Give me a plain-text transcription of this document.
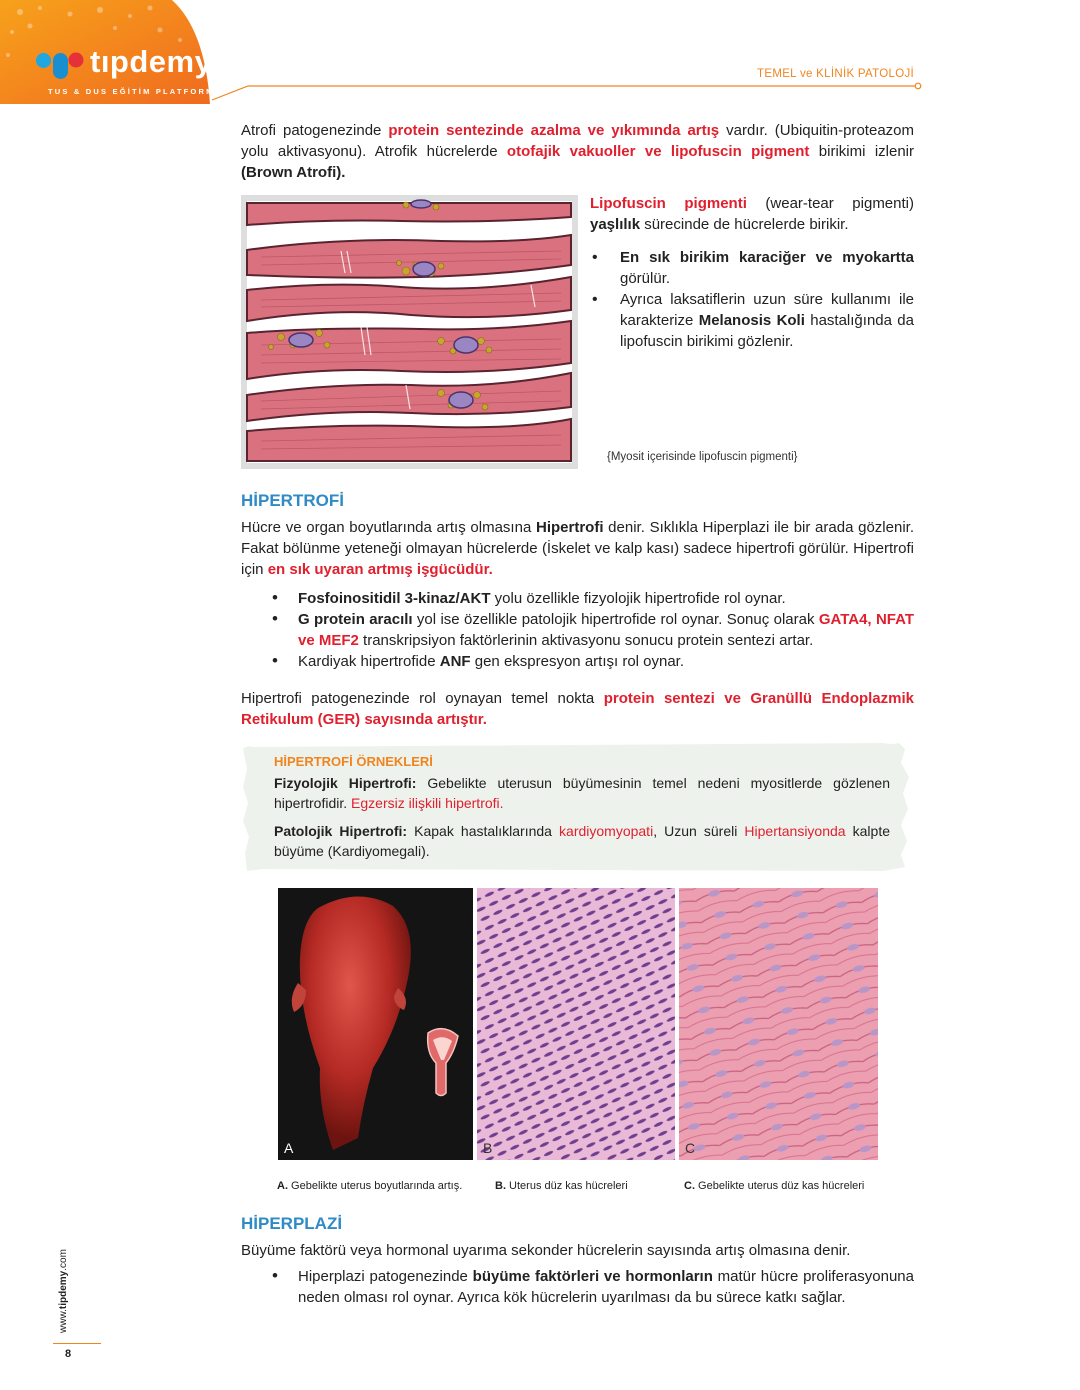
tıpdemy
TUS & DUS EĞİTİM PLATFORMU
TEMEL ve KLİNİK PATOLOJİ

Atrofi patogenezinde protein sentezinde azalma ve yıkımında artış vardır. (Ubiquitin-proteazom yolu aktivasyonu). Atrofik hücrelerde otofajik vakuoller ve lipofuscin pigment birikimi izlenir (Brown Atrofi).

Lipofuscin pigmenti (wear-tear pigmenti) yaşlılık sürecinde de hücrelerde birikir.

• En sık birikim karaciğer ve myokartta görülür.
• Ayrıca laksatiflerin uzun süre kullanımı ile karakterize Melanosis Koli hastalığında da lipofuscin birikimi gözlenir.
{Myosit içerisinde lipofuscin pigmenti}
HİPERTROFİ

Hücre ve organ boyutlarında artış olmasına Hipertrofi denir. Sıklıkla Hiperplazi ile bir arada gözlenir. Fakat bölünme yeteneği olmayan hücrelerde (İskelet ve kalp kası) sadece hipertrofi görülür. Hipertrofi için en sık uyaran artmış işgücüdür.

• Fosfoinositidil 3-kinaz/AKT yolu özellikle fizyolojik hipertrofide rol oynar.
• G protein aracılı yol ise özellikle patolojik hipertrofide rol oynar. Sonuç olarak GATA4, NFAT ve MEF2 transkripsiyon faktörlerinin aktivasyonu sonucu protein sentezi artar.
• Kardiyak hipertrofide ANF gen ekspresyon artışı rol oynar.

Hipertrofi patogenezinde rol oynayan temel nokta protein sentezi ve Granüllü Endoplazmik Retikulum (GER) sayısında artıştır.

HİPERTROFİ ÖRNEKLERİ

Fizyolojik Hipertrofi: Gebelikte uterusun büyümesinin temel nedeni myositlerde gözlenen hipertrofidir. Egzersiz ilişkili hipertrofi.

Patolojik Hipertrofi: Kapak hastalıklarında kardiyomyopati, Uzun süreli Hipertansiyonda kalpte büyüme (Kardiyomegali).

A	B	C
A. Gebelikte uterus boyutlarında artış.	B. Uterus düz kas hücreleri	C. Gebelikte uterus düz kas hücreleri
HİPERPLAZİ

Büyüme faktörü veya hormonal uyarıma sekonder hücrelerin sayısında artış olmasına denir.

• Hiperplazi patogenezinde büyüme faktörleri ve hormonların matür hücre proliferasyonuna neden olması rol oynar. Ayrıca kök hücrelerin uyarılması da bu sürece katkı sağlar.
www.tipdemy.com
8
